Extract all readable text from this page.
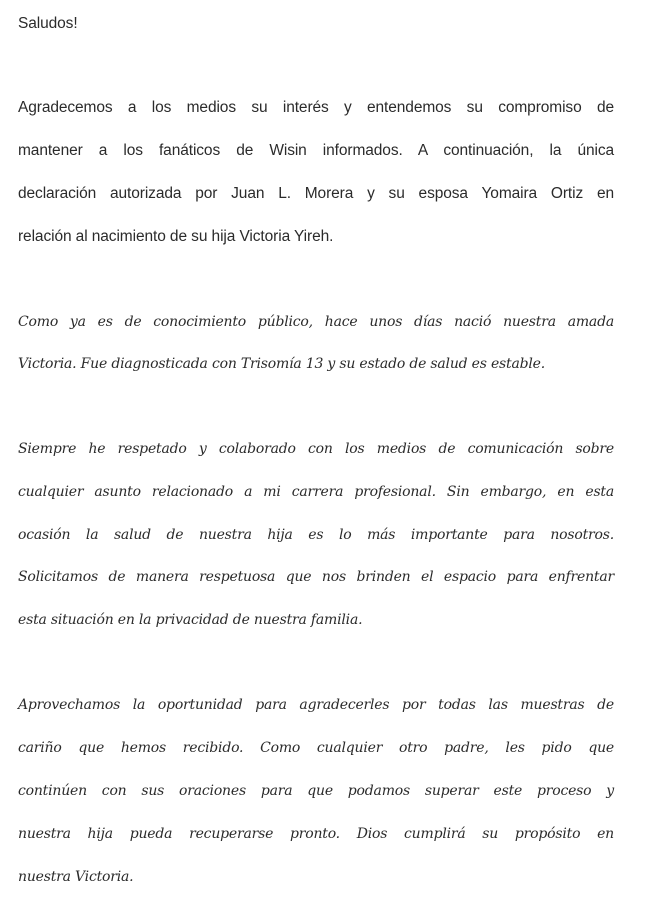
Saludos!
Agradecemos a los medios su interés y entendemos su compromiso de
mantener a los fanáticos de Wisin informados. A continuación, la única
declaración autorizada por Juan L. Morera y su esposa Yomaira Ortiz en
relación al nacimiento de su hija Victoria Yireh.
Como ya es de conocimiento público, hace unos días nació nuestra amada
Victoria. Fue diagnosticada con Trisomía 13 y su estado de salud es estable.
Siempre he respetado y colaborado con los medios de comunicación sobre
cualquier asunto relacionado a mi carrera profesional. Sin embargo, en esta
ocasión la salud de nuestra hija es lo más importante para nosotros.
Solicitamos de manera respetuosa que nos brinden el espacio para enfrentar
esta situación en la privacidad de nuestra familia.
Aprovechamos la oportunidad para agradecerles por todas las muestras de
cariño que hemos recibido. Como cualquier otro padre, les pido que
continúen con sus oraciones para que podamos superar este proceso y
nuestra hija pueda recuperarse pronto. Dios cumplirá su propósito en
nuestra Victoria.
